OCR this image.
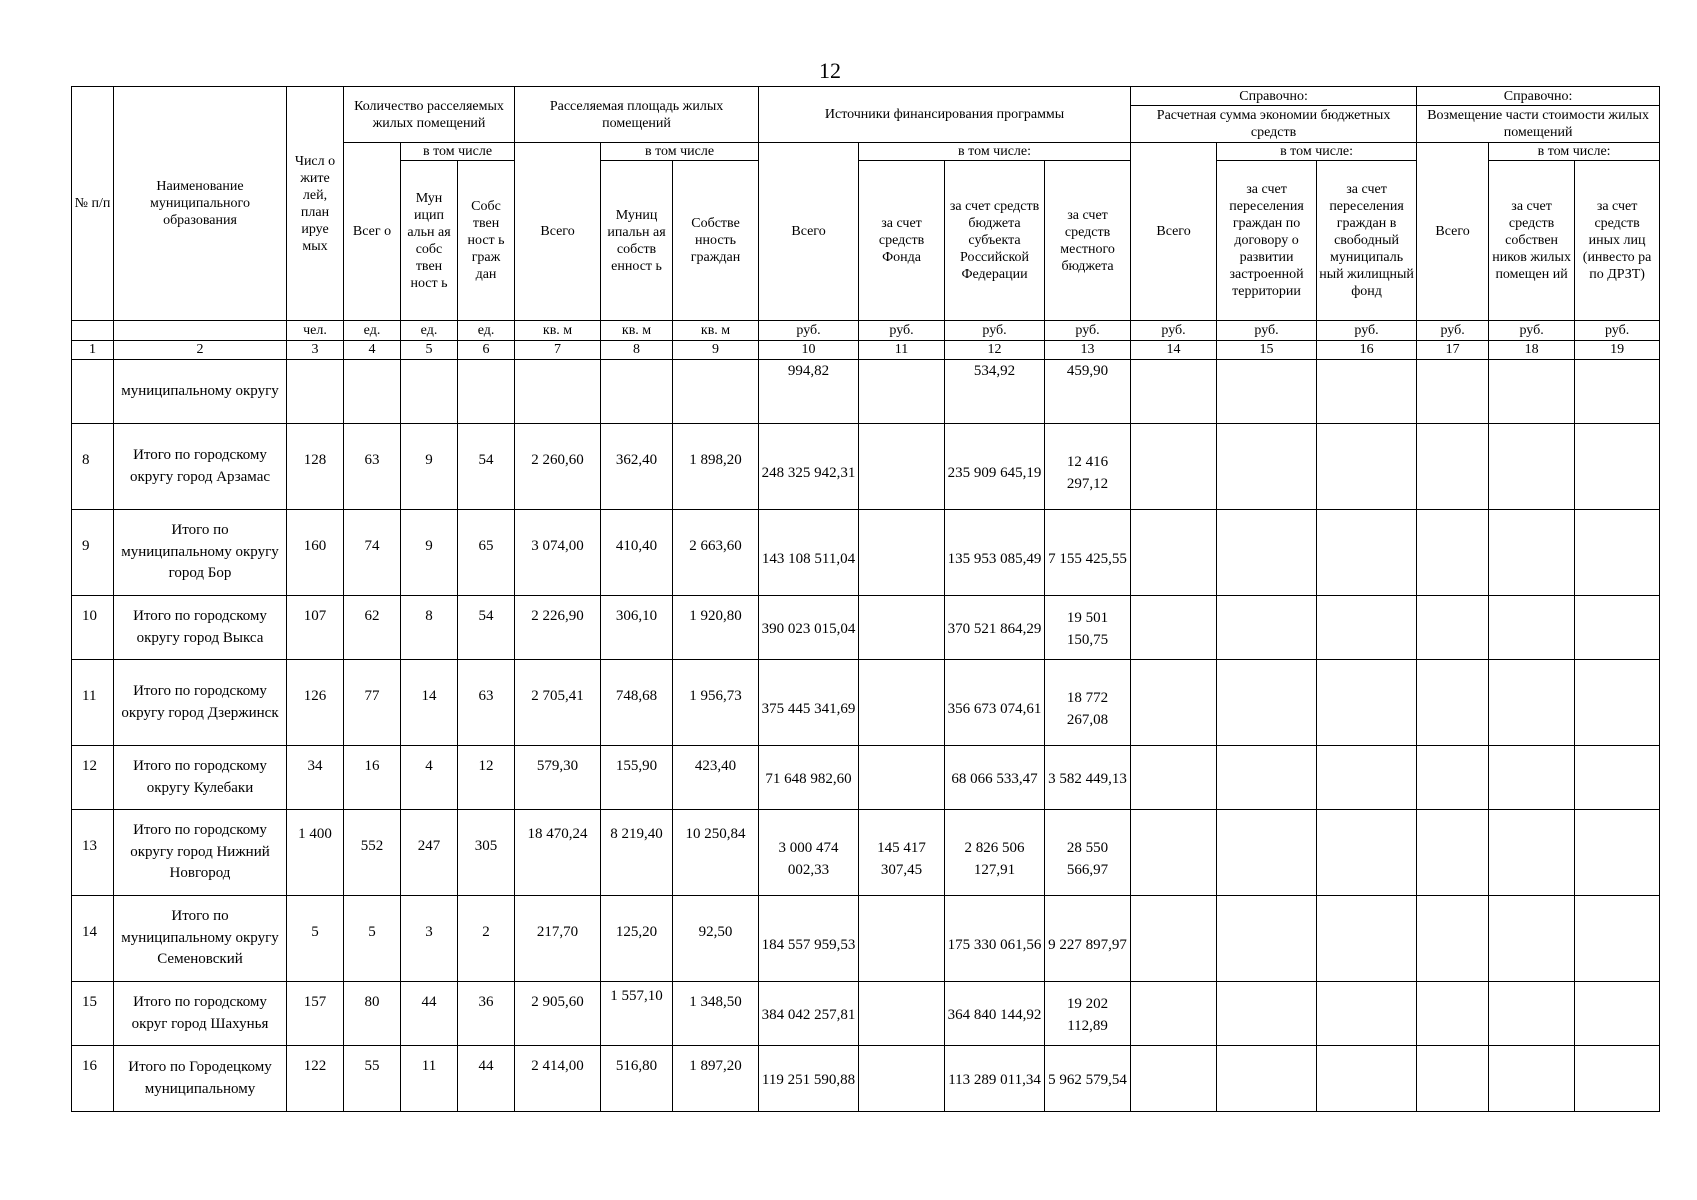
12
№ п/п	Наименование муниципального образования	Числ о жите лей, план ируе мых	Количество расселяемых жилых помещений			Расселяемая площадь жилых помещений			Источники финансирования программы				Справочно:			Справочно:		
													Расчетная сумма экономии бюджетных средств			Возмещение части стоимости жилых помещений		
			Всег о	в том числе		Всего	в том числе		Всего	в том числе:			Всего	в том числе:		Всего	в том числе:	
				Мун ицип альн ая собс твен ност ь	Собс твен ност ь граж дан		Муниц ипальн ая собств енност ь	Собстве нность граждан		за счет средств Фонда	за счет средств бюджета субъекта Российской Федерации	за счет средств местного бюджета		за счет переселения граждан по договору о развитии застроенной территории	за счет переселения граждан в свободный муниципаль ный жилищный фонд		за счет средств собствен ников жилых помещен ий	за счет средств иных лиц (инвесто ра по ДРЗТ)
		чел.	ед.	ед.	ед.	кв. м	кв. м	кв. м	руб.	руб.	руб.	руб.	руб.	руб.	руб.	руб.	руб.	руб.
1	2	3	4	5	6	7	8	9	10	11	12	13	14	15	16	17	18	19
	муниципальному округу								994,82		534,92	459,90						
8	Итого по городскому округу город Арзамас	128	63	9	54	2 260,60	362,40	1 898,20	248 325 942,31		235 909 645,19	12 416 297,12						
9	Итого по муниципальному округу город Бор	160	74	9	65	3 074,00	410,40	2 663,60	143 108 511,04		135 953 085,49	7 155 425,55						
10	Итого по городскому округу город Выкса	107	62	8	54	2 226,90	306,10	1 920,80	390 023 015,04		370 521 864,29	19 501 150,75						
11	Итого по городскому округу город Дзержинск	126	77	14	63	2 705,41	748,68	1 956,73	375 445 341,69		356 673 074,61	18 772 267,08						
12	Итого по городскому округу Кулебаки	34	16	4	12	579,30	155,90	423,40	71 648 982,60		68 066 533,47	3 582 449,13						
13	Итого по городскому округу город Нижний Новгород	1 400	552	247	305	18 470,24	8 219,40	10 250,84	3 000 474 002,33	145 417 307,45	2 826 506 127,91	28 550 566,97						
14	Итого по муниципальному округу Семеновский	5	5	3	2	217,70	125,20	92,50	184 557 959,53		175 330 061,56	9 227 897,97						
15	Итого по городскому округ город Шахунья	157	80	44	36	2 905,60	1 557,10	1 348,50	384 042 257,81		364 840 144,92	19 202 112,89						
16	Итого по Городецкому муниципальному	122	55	11	44	2 414,00	516,80	1 897,20	119 251 590,88		113 289 011,34	5 962 579,54						
